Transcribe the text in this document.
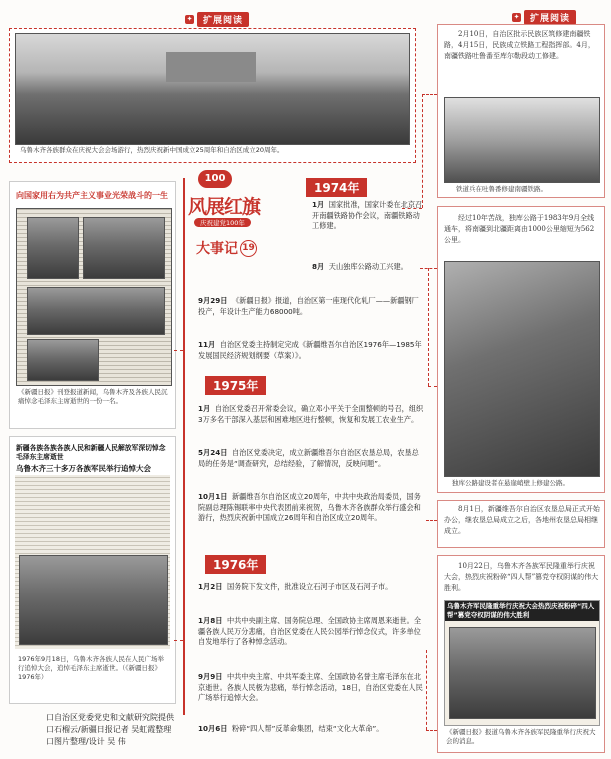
✦	扩展阅读
乌鲁木齐各族群众在庆祝大会会场游行，热烈庆祝新中国成立25周年和自治区成立20周年。
✦	扩展阅读
2月10日，自治区批示民族区筑修建南疆铁路，4月15日，民族成立铁路工程指挥部。4月，南疆铁路吐鲁番至库尔勒段动工修建。
铁道兵在吐鲁番修建南疆铁路。
经过10年苦战，独库公路于1983年9月全线通车，将南疆到北疆距离由1000公里缩短为562公里。
独库公路建设者在悬崖峭壁上修建公路。
8月1日，新疆维吾尔自治区农垦总局正式开始办公，继农垦总局成立之后，各地州农垦总局相继成立。
10月22日，乌鲁木齐各族军民隆重举行庆祝大会，热烈庆祝粉碎“四人帮”篡党夺权阴谋的伟大胜利。
乌鲁木齐军民隆重举行庆祝大会热烈庆祝粉碎“四人帮”篡党夺权阴谋的伟大胜利
《新疆日报》报道乌鲁木齐各族军民隆重举行庆祝大会的消息。
向国家用右为共产主义事业光荣战斗的一生
《新疆日报》刊登报道新闻，乌鲁木齐及各族人民沉痛悼念毛泽东主席逝世的一份一名。
新疆各族各族各族人民和新疆人民解放军深切悼念毛泽东主席逝世
乌鲁木齐三十多万各族军民举行追悼大会
1976年9月18日，乌鲁木齐各族人民在人民广场举行追悼大会，追悼毛泽东主席逝世。（《新疆日报》1976年）
100
风展红旗
庆祝建党100年
大事记 19
1974年
1月 国家批准，国家计委在北京召开南疆铁路协作会议，南疆铁路动工修建。
8月 天山独库公路动工兴建。
9月29日 《新疆日报》报道，自治区第一座现代化轧厂——新疆钢厂投产，年设计生产能力68000吨。
11月 自治区党委主持制定完成《新疆维吾尔自治区1976年—1985年发展国民经济规划纲要（草案）》。
1975年
1月 自治区党委召开常委会议，确立邓小平关于全面整顿的号召，组织3万多名干部深入基层和困难地区进行整顿，恢复和发展工农业生产。
5月24日 自治区党委决定，成立新疆维吾尔自治区农垦总局，农垦总局的任务是“调查研究，总结经验，了解情况，反映问题”。
10月1日 新疆维吾尔自治区成立20周年，中共中央政治局委员，国务院副总理陈锡联率中央代表团前来祝贺，乌鲁木齐各族群众举行盛会和游行，热烈庆祝新中国成立26周年和自治区成立20周年。
1976年
1月2日 国务院下发文件，批准设立石河子市区及石河子市。
1月8日 中共中央副主席、国务院总理、全国政协主席周恩来逝世。全疆各族人民万分悲痛，自治区党委在人民公园举行悼念仪式，许多单位自发地举行了各种悼念活动。
9月9日 中共中央主席、中共军委主席、全国政协名誉主席毛泽东在北京逝世。各族人民极为悲痛，举行悼念活动，18日，自治区党委在人民广场举行追悼大会。
10月6日 粉碎“四人帮”反革命集团，结束“文化大革命”。
口自治区党委党史和文献研究院提供
口石榴云/新疆日报记者 吴虹霞整理
口图片整理/设计 吴 伟
